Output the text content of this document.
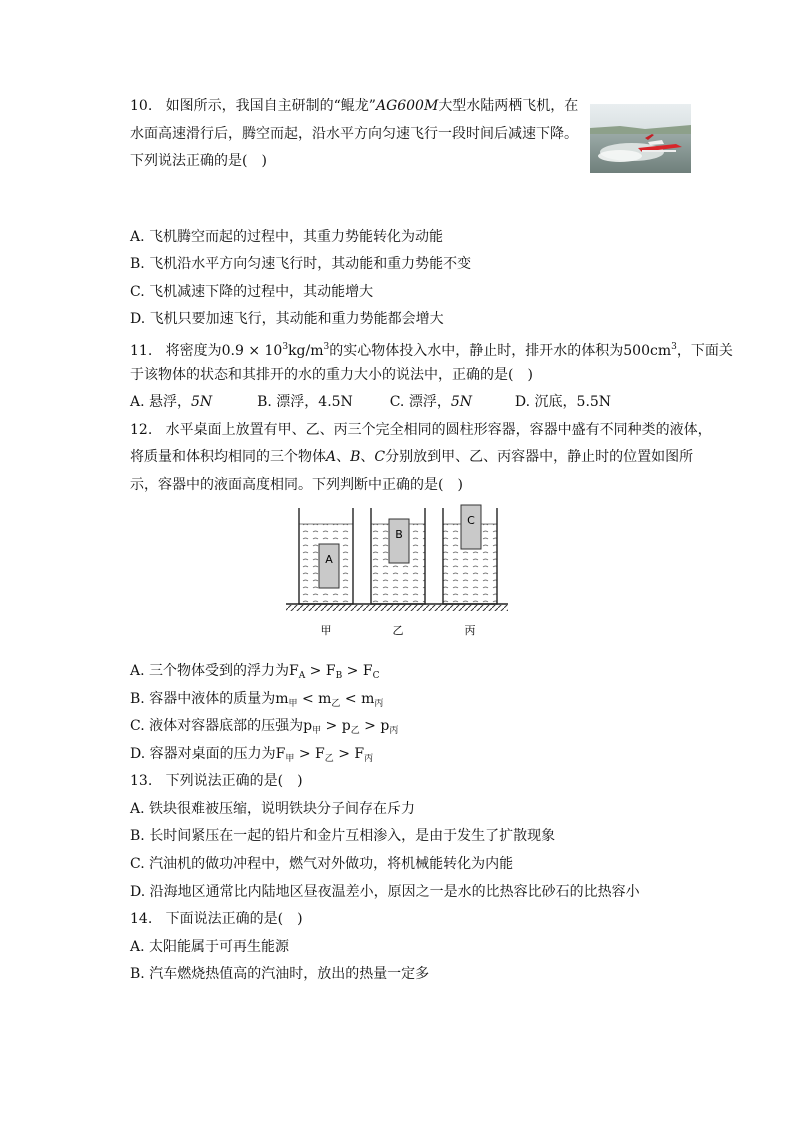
10. 如图所示，我国自主研制的“鲲龙”AG600M大型水陆两栖飞机，在
水面高速滑行后，腾空而起，沿水平方向匀速飞行一段时间后减速下降。
下列说法正确的是(　)
A. 飞机腾空而起的过程中，其重力势能转化为动能
B. 飞机沿水平方向匀速飞行时，其动能和重力势能不变
C. 飞机减速下降的过程中，其动能增大
D. 飞机只要加速飞行，其动能和重力势能都会增大
11. 将密度为$0.9 \times 10^3kg/m^3$的实心物体投入水中，静止时，排开水的体积为$500cm^3$，下面关
于该物体的状态和其排开的水的重力大小的说法中，正确的是(　)
A. 悬浮，5N	B. 漂浮，4.5N	C. 漂浮，5N	D. 沉底，5.5N
12. 水平桌面上放置有甲、乙、丙三个完全相同的圆柱形容器，容器中盛有不同种类的液体，
将质量和体积均相同的三个物体A、B、C分别放到甲、乙、丙容器中，静止时的位置如图所
示，容器中的液面高度相同。下列判断中正确的是(　)
A
B
C
甲	乙	丙
A. 三个物体受到的浮力为$F_A > F_B > F_C$
B. 容器中液体的质量为$m_甲 < m_乙 < m_丙$
C. 液体对容器底部的压强为$p_甲 > p_乙 > p_丙$
D. 容器对桌面的压力为$F_甲 > F_乙 > F_丙$
13. 下列说法正确的是(　)
A. 铁块很难被压缩，说明铁块分子间存在斥力
B. 长时间紧压在一起的铅片和金片互相渗入，是由于发生了扩散现象
C. 汽油机的做功冲程中，燃气对外做功，将机械能转化为内能
D. 沿海地区通常比内陆地区昼夜温差小，原因之一是水的比热容比砂石的比热容小
14. 下面说法正确的是(　)
A. 太阳能属于可再生能源
B. 汽车燃烧热值高的汽油时，放出的热量一定多
